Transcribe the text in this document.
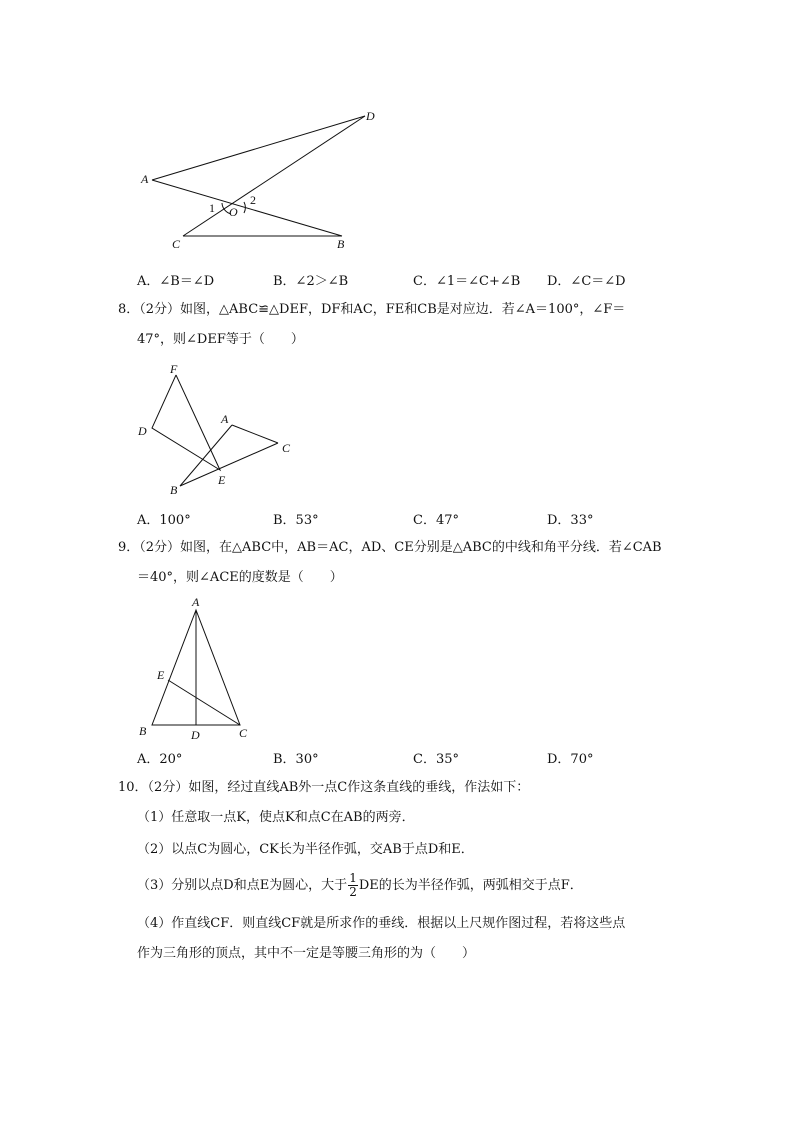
D
A
O
1
2
C	B
A．∠B＝∠D	B．∠2＞∠B	C．∠1＝∠C+∠B D．∠C＝∠D
8．（2分）如图，△ABC≌△DEF，DF和AC，FE和CB是对应边．若∠A＝100°，∠F＝
47°，则∠DEF等于（　　）
F
D
A
C
B
E
A．100°	B．53°	C．47°	D．33°
9．（2分）如图，在△ABC中，AB＝AC，AD、CE分别是△ABC的中线和角平分线．若∠CAB
＝40°，则∠ACE的度数是（　　）
A
E
B	D	C
A．20°	B．30°	C．35°	D．70°
10．（2分）如图，经过直线AB外一点C作这条直线的垂线，作法如下：
（1）任意取一点K，使点K和点C在AB的两旁．
（2）以点C为圆心，CK长为半径作弧，交AB于点D和E．
（3）分别以点D和点E为圆心，大于 $\frac{1}{2}$ DE的长为半径作弧，两弧相交于点F．
（4）作直线CF．则直线CF就是所求作的垂线．根据以上尺规作图过程，若将这些点
作为三角形的顶点，其中不一定是等腰三角形的为（　　）
